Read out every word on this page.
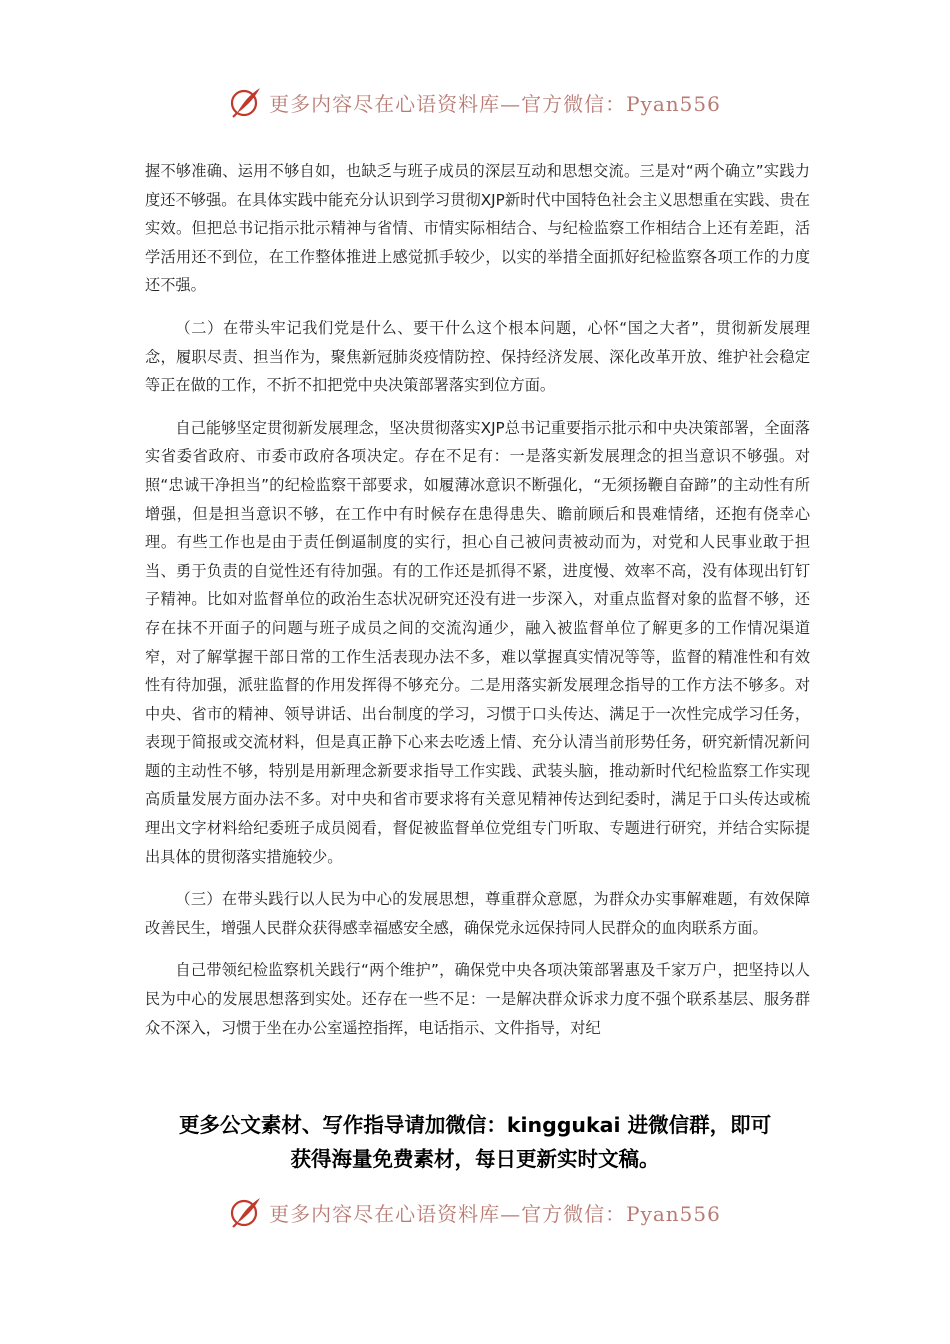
更多内容尽在心语资料库—官方微信：Pyan556

握不够准确、运用不够自如，也缺乏与班子成员的深层互动和思想交流。三是对“两个确立”实践力度还不够强。在具体实践中能充分认识到学习贯彻XJP新时代中国特色社会主义思想重在实践、贵在实效。但把总书记指示批示精神与省情、市情实际相结合、与纪检监察工作相结合上还有差距，活学活用还不到位，在工作整体推进上感觉抓手较少，以实的举措全面抓好纪检监察各项工作的力度还不强。

（二）在带头牢记我们党是什么、要干什么这个根本问题，心怀“国之大者”，贯彻新发展理念，履职尽责、担当作为，聚焦新冠肺炎疫情防控、保持经济发展、深化改革开放、维护社会稳定等正在做的工作，不折不扣把党中央决策部署落实到位方面。

自己能够坚定贯彻新发展理念，坚决贯彻落实XJP总书记重要指示批示和中央决策部署，全面落实省委省政府、市委市政府各项决定。存在不足有：一是落实新发展理念的担当意识不够强。对照“忠诚干净担当”的纪检监察干部要求，如履薄冰意识不断强化，“无须扬鞭自奋蹄”的主动性有所增强，但是担当意识不够，在工作中有时候存在患得患失、瞻前顾后和畏难情绪，还抱有侥幸心理。有些工作也是由于责任倒逼制度的实行，担心自己被问责被动而为，对党和人民事业敢于担当、勇于负责的自觉性还有待加强。有的工作还是抓得不紧，进度慢、效率不高，没有体现出钉钉子精神。比如对监督单位的政治生态状况研究还没有进一步深入，对重点监督对象的监督不够，还存在抹不开面子的问题与班子成员之间的交流沟通少，融入被监督单位了解更多的工作情况渠道窄，对了解掌握干部日常的工作生活表现办法不多，难以掌握真实情况等等，监督的精准性和有效性有待加强，派驻监督的作用发挥得不够充分。二是用落实新发展理念指导的工作方法不够多。对中央、省市的精神、领导讲话、出台制度的学习，习惯于口头传达、满足于一次性完成学习任务，表现于简报或交流材料，但是真正静下心来去吃透上情、充分认清当前形势任务，研究新情况新问题的主动性不够，特别是用新理念新要求指导工作实践、武装头脑，推动新时代纪检监察工作实现高质量发展方面办法不多。对中央和省市要求将有关意见精神传达到纪委时，满足于口头传达或梳理出文字材料给纪委班子成员阅看，督促被监督单位党组专门听取、专题进行研究，并结合实际提出具体的贯彻落实措施较少。

（三）在带头践行以人民为中心的发展思想，尊重群众意愿，为群众办实事解难题，有效保障改善民生，增强人民群众获得感幸福感安全感，确保党永远保持同人民群众的血肉联系方面。

自己带领纪检监察机关践行“两个维护”，确保党中央各项决策部署惠及千家万户，把坚持以人民为中心的发展思想落到实处。还存在一些不足：一是解决群众诉求力度不强个联系基层、服务群众不深入，习惯于坐在办公室遥控指挥，电话指示、文件指导，对纪

更多公文素材、写作指导请加微信：kinggukai 进微信群，即可
获得海量免费素材，每日更新实时文稿。
更多内容尽在心语资料库—官方微信：Pyan556
